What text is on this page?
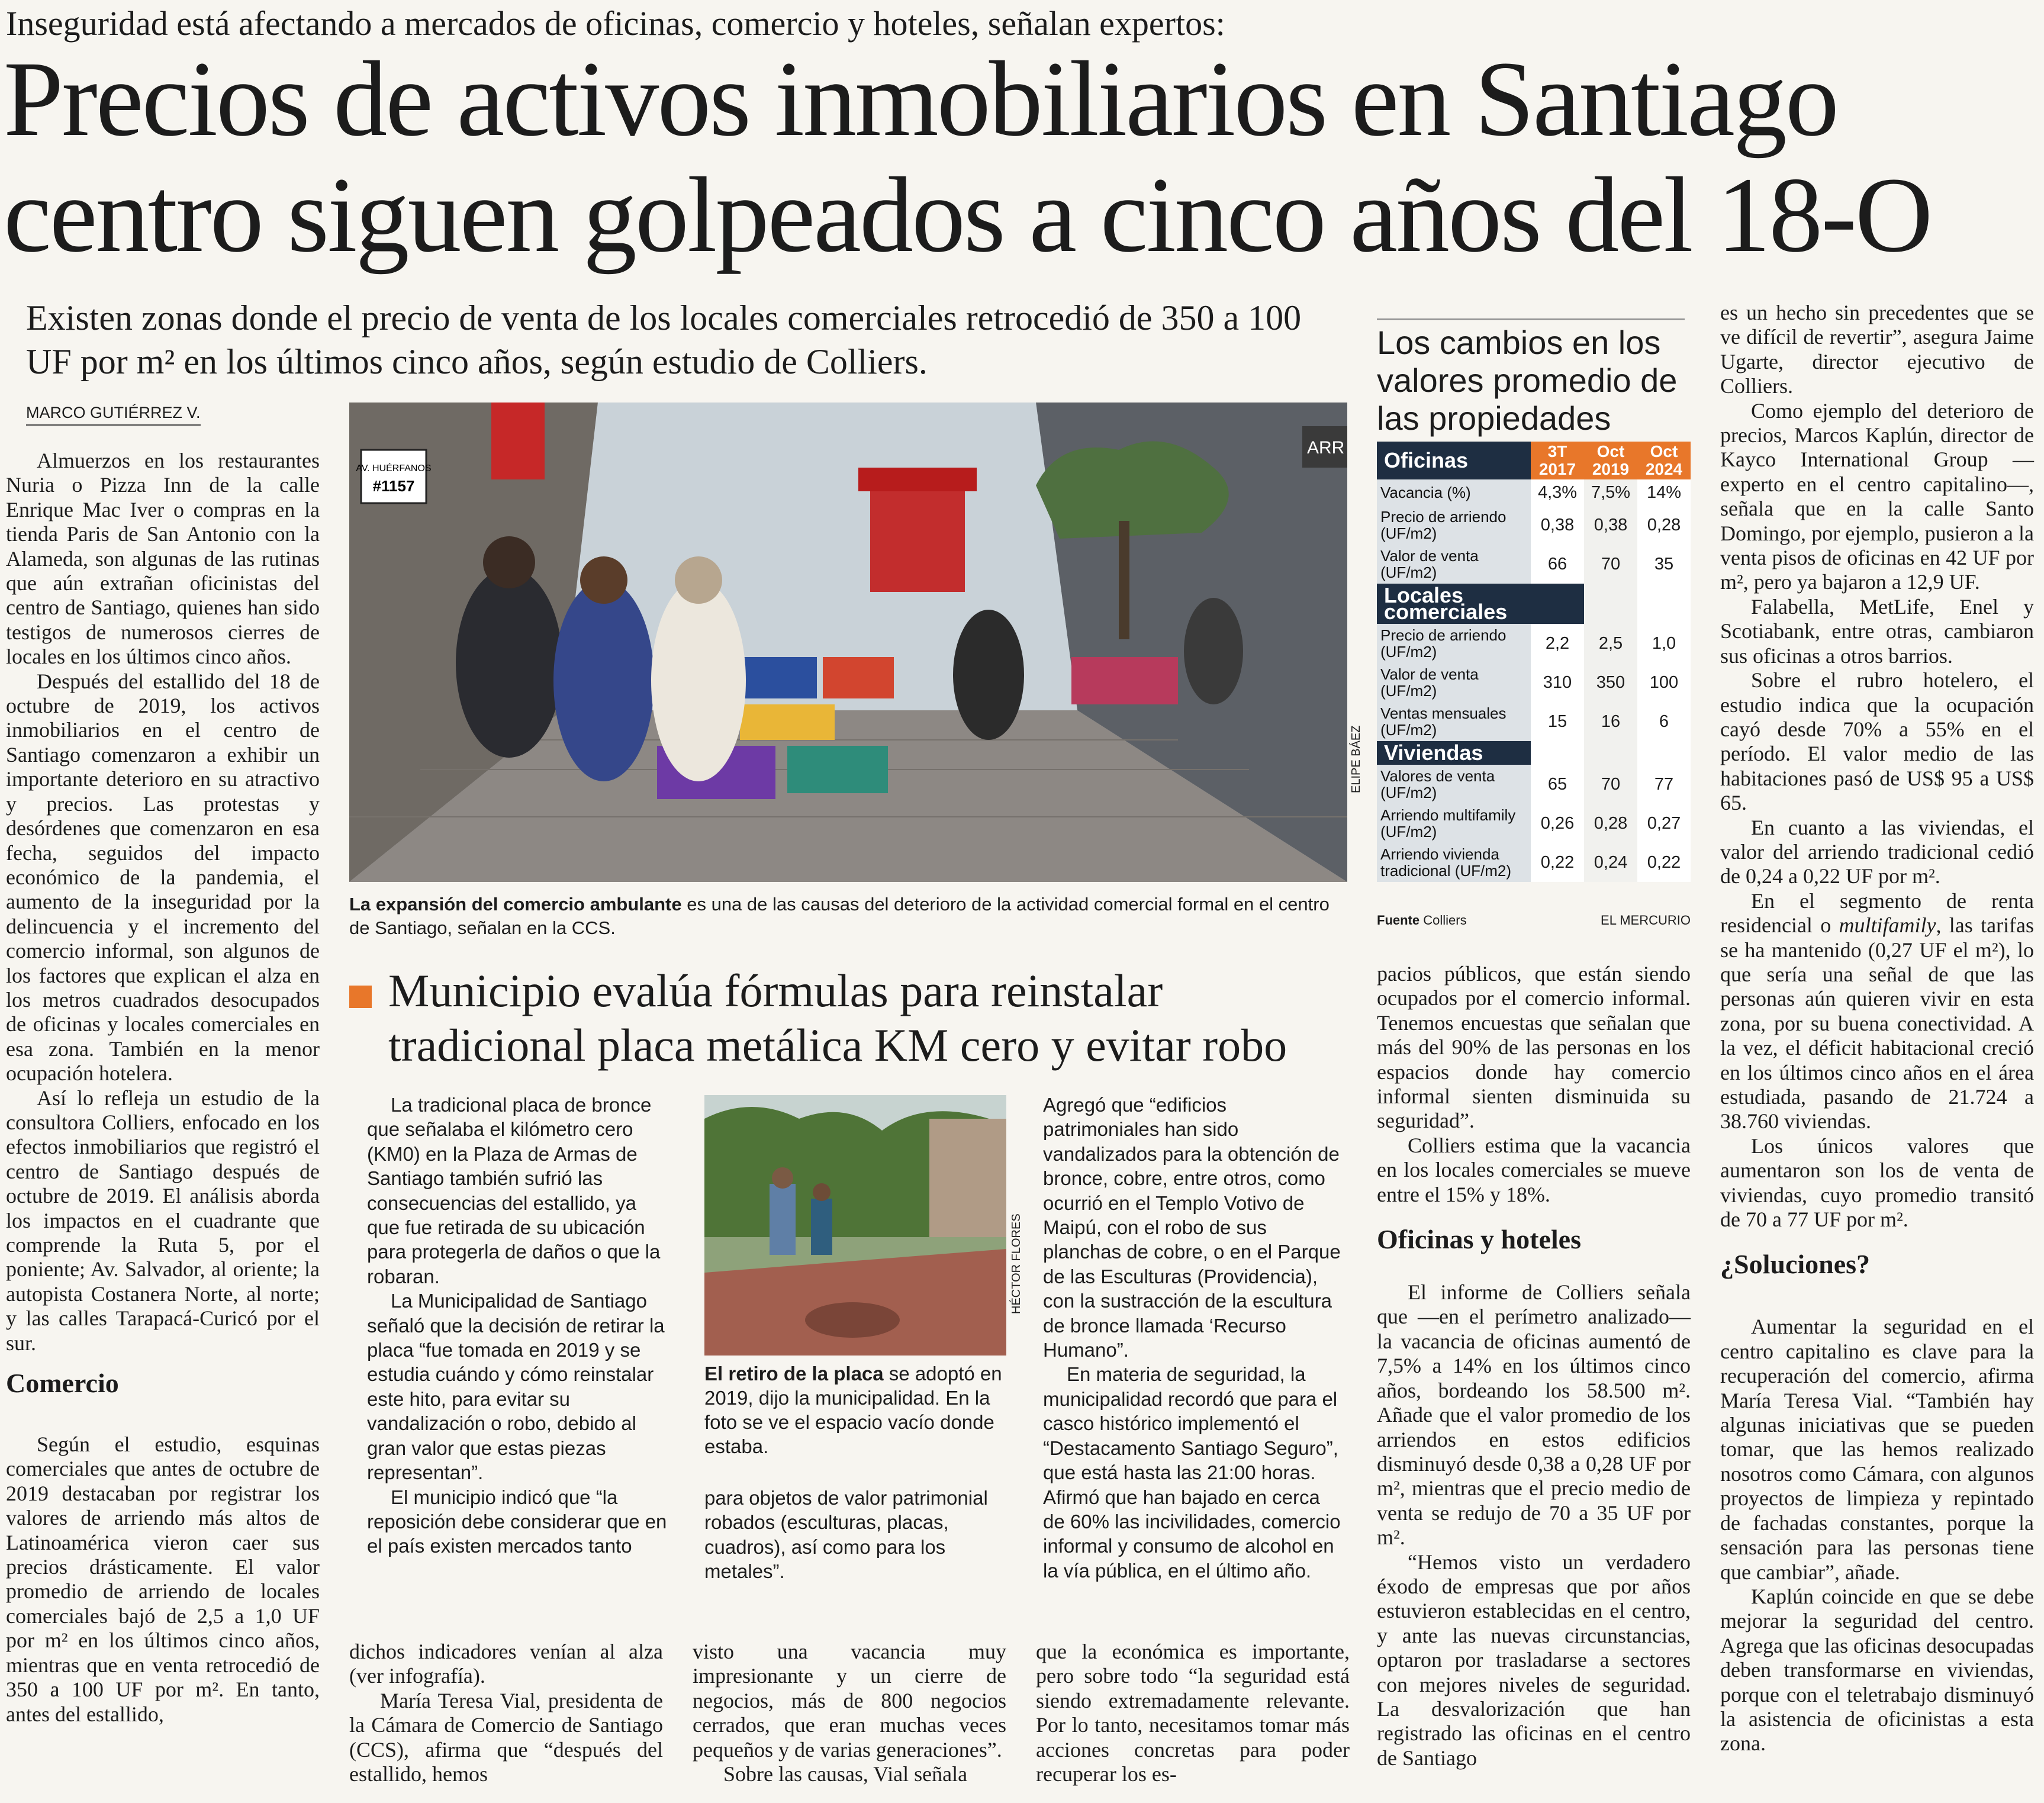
Inseguridad está afectando a mercados de oficinas, comercio y hoteles, señalan expertos:
Precios de activos inmobiliarios en Santiago centro siguen golpeados a cinco años del 18-O
Existen zonas donde el precio de venta de los locales comerciales retrocedió de 350 a 100 UF por m² en los últimos cinco años, según estudio de Colliers.
MARCO GUTIÉRREZ V.

Almuerzos en los restaurantes Nuria o Pizza Inn de la calle Enrique Mac Iver o compras en la tienda Paris de San Antonio con la Alameda, son algunas de las rutinas que aún extrañan oficinistas del centro de Santiago, quienes han sido testigos de numerosos cierres de locales en los últimos cinco años.

Después del estallido del 18 de octubre de 2019, los activos inmobiliarios en el centro de Santiago comenzaron a exhibir un importante deterioro en su atractivo y precios. Las protestas y desórdenes que comenzaron en esa fecha, seguidos del impacto económico de la pandemia, el aumento de la inseguridad por la delincuencia y el incremento del comercio informal, son algunos de los factores que explican el alza en los metros cuadrados desocupados de oficinas y locales comerciales en esa zona. También en la menor ocupación hotelera.

Así lo refleja un estudio de la consultora Colliers, enfocado en los efectos inmobiliarios que registró el centro de Santiago después de octubre de 2019. El análisis aborda los impactos en el cuadrante que comprende la Ruta 5, por el poniente; Av. Salvador, al oriente; la autopista Costanera Norte, al norte; y las calles Tarapacá-Curicó por el sur.

Comercio

Según el estudio, esquinas comerciales que antes de octubre de 2019 destacaban por registrar los valores de arriendo más altos de Latinoamérica vieron caer sus precios drásticamente. El valor promedio de arriendo de locales comerciales bajó de 2,5 a 1,0 UF por m² en los últimos cinco años, mientras que en venta retrocedió de 350 a 100 UF por m². En tanto, antes del estallido,

AV. HUÉRFANOS
#1157
ARR
ELIPE BÁEZ
La expansión del comercio ambulante es una de las causas del deterioro de la actividad comercial formal en el centro de Santiago, señalan en la CCS.
Municipio evalúa fórmulas para reinstalar tradicional placa metálica KM cero y evitar robo

La tradicional placa de bronce que señalaba el kilómetro cero (KM0) en la Plaza de Armas de Santiago también sufrió las consecuencias del estallido, ya que fue retirada de su ubicación para protegerla de daños o que la robaran.

La Municipalidad de Santiago señaló que la decisión de retirar la placa “fue tomada en 2019 y se estudia cuándo y cómo reinstalar este hito, para evitar su vandalización o robo, debido al gran valor que estas piezas representan”.

El municipio indicó que “la reposición debe considerar que en el país existen mercados tanto

HÉCTOR FLORES
El retiro de la placa se adoptó en 2019, dijo la municipalidad. En la foto se ve el espacio vacío donde estaba.

para objetos de valor patrimonial robados (esculturas, placas, cuadros), así como para los metales”.

Agregó que “edificios patrimoniales han sido vandalizados para la obtención de bronce, cobre, entre otros, como ocurrió en el Templo Votivo de Maipú, con el robo de sus planchas de cobre, o en el Parque de las Esculturas (Providencia), con la sustracción de la escultura de bronce llamada ‘Recurso Humano”.

En materia de seguridad, la municipalidad recordó que para el casco histórico implementó el “Destacamento Santiago Seguro”, que está hasta las 21:00 horas. Afirmó que han bajado en cerca de 60% las incivilidades, comercio informal y consumo de alcohol en la vía pública, en el último año.

dichos indicadores venían al alza (ver infografía).

María Teresa Vial, presidenta de la Cámara de Comercio de Santiago (CCS), afirma que “después del estallido, hemos

visto una vacancia muy impresionante y un cierre de negocios, más de 800 negocios cerrados, que eran muchas veces pequeños y de varias generaciones”.

Sobre las causas, Vial señala

que la económica es importante, pero sobre todo “la seguridad está siendo extremadamente relevante. Por lo tanto, necesitamos tomar más acciones concretas para poder recuperar los es-

Los cambios en los valores promedio de las propiedades
Oficinas	3T 2017	Oct 2019	Oct 2024
Vacancia (%)	4,3%	7,5%	14%
Precio de arriendo (UF/m2)	0,38	0,38	0,28
Valor de venta (UF/m2)	66	70	35
Locales comerciales			
Precio de arriendo (UF/m2)	2,2	2,5	1,0
Valor de venta (UF/m2)	310	350	100
Ventas mensuales (UF/m2)	15	16	6
Viviendas			
Valores de venta (UF/m2)	65	70	77
Arriendo multifamily (UF/m2)	0,26	0,28	0,27
Arriendo vivienda tradicional (UF/m2)	0,22	0,24	0,22
Fuente Colliers	EL MERCURIO

pacios públicos, que están siendo ocupados por el comercio informal. Tenemos encuestas que señalan que más del 90% de las personas en los espacios donde hay comercio informal sienten disminuida su seguridad”.

Colliers estima que la vacancia en los locales comerciales se mueve entre el 15% y 18%.

Oficinas y hoteles

El informe de Colliers señala que —en el perímetro analizado— la vacancia de oficinas aumentó de 7,5% a 14% en los últimos cinco años, bordeando los 58.500 m². Añade que el valor promedio de los arriendos en estos edificios disminuyó desde 0,38 a 0,28 UF por m², mientras que el precio medio de venta se redujo de 70 a 35 UF por m².

“Hemos visto un verdadero éxodo de empresas que por años estuvieron establecidas en el centro, y ante las nuevas circunstancias, optaron por trasladarse a sectores con mejores niveles de seguridad. La desvalorización que han registrado las oficinas en el centro de Santiago

es un hecho sin precedentes que se ve difícil de revertir”, asegura Jaime Ugarte, director ejecutivo de Colliers.

Como ejemplo del deterioro de precios, Marcos Kaplún, director de Kayco International Group —experto en el centro capitalino—, señala que en la calle Santo Domingo, por ejemplo, pusieron a la venta pisos de oficinas en 42 UF por m², pero ya bajaron a 12,9 UF.

Falabella, MetLife, Enel y Scotiabank, entre otras, cambiaron sus oficinas a otros barrios.

Sobre el rubro hotelero, el estudio indica que la ocupación cayó desde 70% a 55% en el período. El valor medio de las habitaciones pasó de US$ 95 a US$ 65.

En cuanto a las viviendas, el valor del arriendo tradicional cedió de 0,24 a 0,22 UF por m².

En el segmento de renta residencial o multifamily, las tarifas se ha mantenido (0,27 UF el m²), lo que sería una señal de que las personas aún quieren vivir en esta zona, por su buena conectividad. A la vez, el déficit habitacional creció en los últimos cinco años en el área estudiada, pasando de 21.724 a 38.760 viviendas.

Los únicos valores que aumentaron son los de venta de viviendas, cuyo promedio transitó de 70 a 77 UF por m².

¿Soluciones?

Aumentar la seguridad en el centro capitalino es clave para la recuperación del comercio, afirma María Teresa Vial. “También hay algunas iniciativas que se pueden tomar, que las hemos realizado nosotros como Cámara, con algunos proyectos de limpieza y repintado de fachadas constantes, porque la sensación para las personas tiene que cambiar”, añade.

Kaplún coincide en que se debe mejorar la seguridad del centro. Agrega que las oficinas desocupadas deben transformarse en viviendas, porque con el teletrabajo disminuyó la asistencia de oficinistas a esta zona.
